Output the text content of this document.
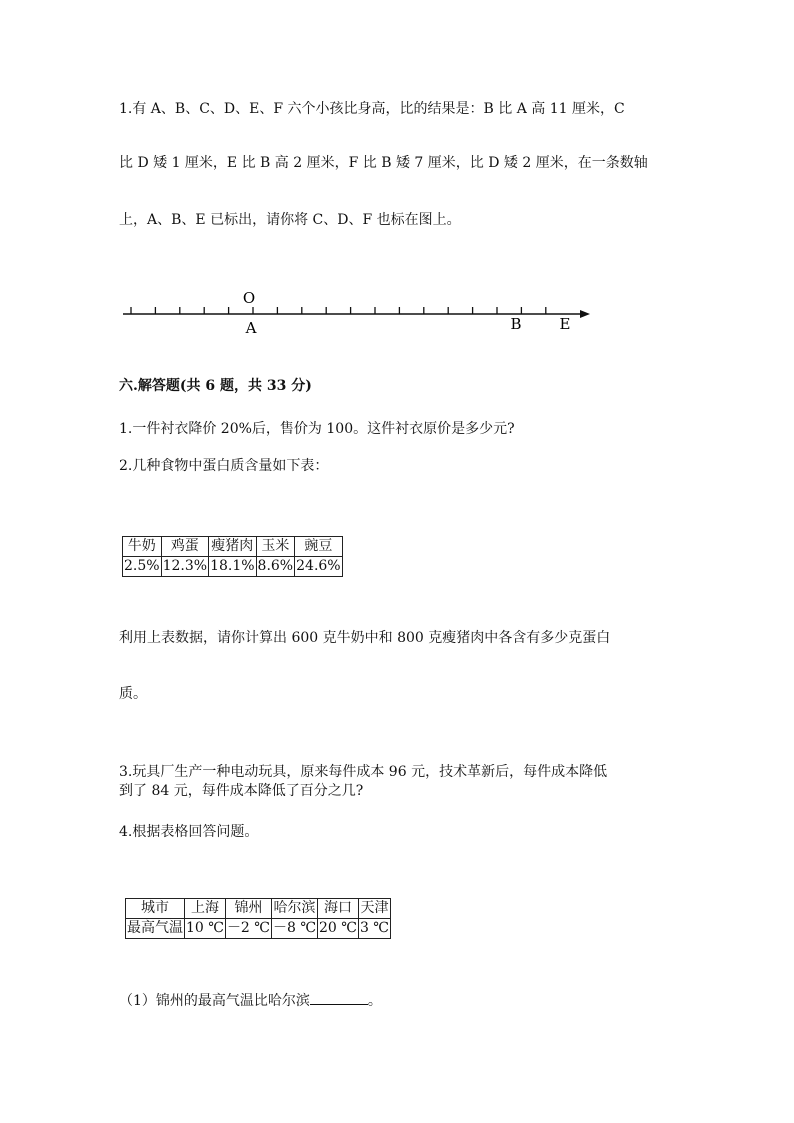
1.有 A、B、C、D、E、F 六个小孩比身高，比的结果是：B 比 A 高 11 厘米，C
比 D 矮 1 厘米，E 比 B 高 2 厘米，F 比 B 矮 7 厘米，比 D 矮 2 厘米，在一条数轴
上，A、B、E 已标出，请你将 C、D、F 也标在图上。
O
A	B	E
六.解答题(共 6 题，共 33 分)
1.一件衬衣降价 20%后，售价为 100。这件衬衣原价是多少元?
2.几种食物中蛋白质含量如下表：
牛奶	鸡蛋	瘦猪肉	玉米	豌豆
2.5%	12.3%	18.1%	8.6%	24.6%
利用上表数据，请你计算出 600 克牛奶中和 800 克瘦猪肉中各含有多少克蛋白
质。
3.玩具厂生产一种电动玩具，原来每件成本 96 元，技术革新后，每件成本降低
到了 84 元，每件成本降低了百分之几?
4.根据表格回答问题。
城市	上海	锦州	哈尔滨	海口	天津
最高气温	10 ℃	－2 ℃	－8 ℃	20 ℃	3 ℃
（1）锦州的最高气温比哈尔滨	。
